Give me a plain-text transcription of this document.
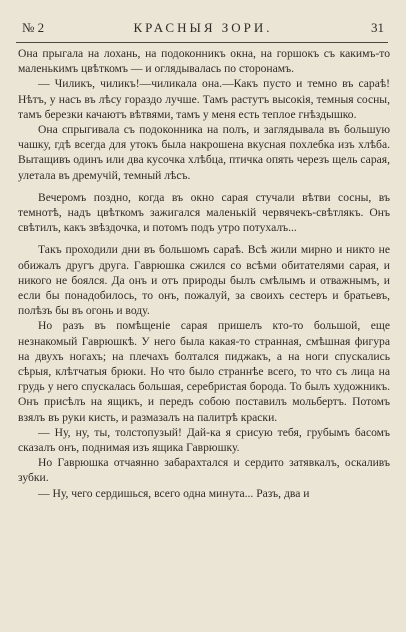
№ 2	КРАСНЫЯ ЗОРИ.	31

Она прыгала на лохань, на подоконникъ окна, на горшокъ съ какимъ-то маленькимъ цвѣткомъ — и оглядывалась по сторонамъ.

— Чиликъ, чиликъ!—чиликала она.—Какъ пусто и темно въ сараѣ! Нѣтъ, у насъ въ лѣсу гораздо лучше. Тамъ растутъ высокія, темныя сосны, тамъ березки качаютъ вѣтвями, тамъ у меня есть теплое гнѣздышко.

Она спрыгивала съ подоконника на полъ, и заглядывала въ большую чашку, гдѣ всегда для утокъ была накрошена вкусная похлебка изъ хлѣба. Вытащивъ одинъ или два кусочка хлѣбца, птичка опять черезъ щель сарая, улетала въ дремучій, темный лѣсъ.

Вечеромъ поздно, когда въ окно сарая стучали вѣтви сосны, въ темнотѣ, надъ цвѣткомъ зажигался маленькій червячекъ-свѣтлякъ. Онъ свѣтилъ, какъ звѣздочка, и потомъ подъ утро потухалъ...

Такъ проходили дни въ большомъ сараѣ. Всѣ жили мирно и никто не обижалъ другъ друга. Гаврюшка сжился со всѣми обитателями сарая, и никого не боялся. Да онъ и отъ природы былъ смѣлымъ и отважнымъ, и если бы понадобилось, то онъ, пожалуй, за своихъ сестеръ и братьевъ, полѣзъ бы въ огонь и воду.

Но разъ въ помѣщеніе сарая пришелъ кто-то большой, еще незнакомый Гаврюшкѣ. У него была какая-то странная, смѣшная фигура на двухъ ногахъ; на плечахъ болтался пиджакъ, а на ноги спускались сѣрыя, клѣтчатыя брюки. Но что было страннѣе всего, то что съ лица на грудь у него спускалась большая, серебристая борода. То былъ художникъ. Онъ присѣлъ на ящикъ, и передъ собою поставилъ мольбертъ. Потомъ взялъ въ руки кисть, и размазалъ на палитрѣ краски.

— Ну, ну, ты, толстопузый! Дай-ка я срисую тебя, грубымъ басомъ сказалъ онъ, поднимая изъ ящика Гаврюшку.

Но Гаврюшка отчаянно забарахтался и сердито затявкалъ, оскаливъ зубки.

— Ну, чего сердишься, всего одна минута... Разъ, два и
